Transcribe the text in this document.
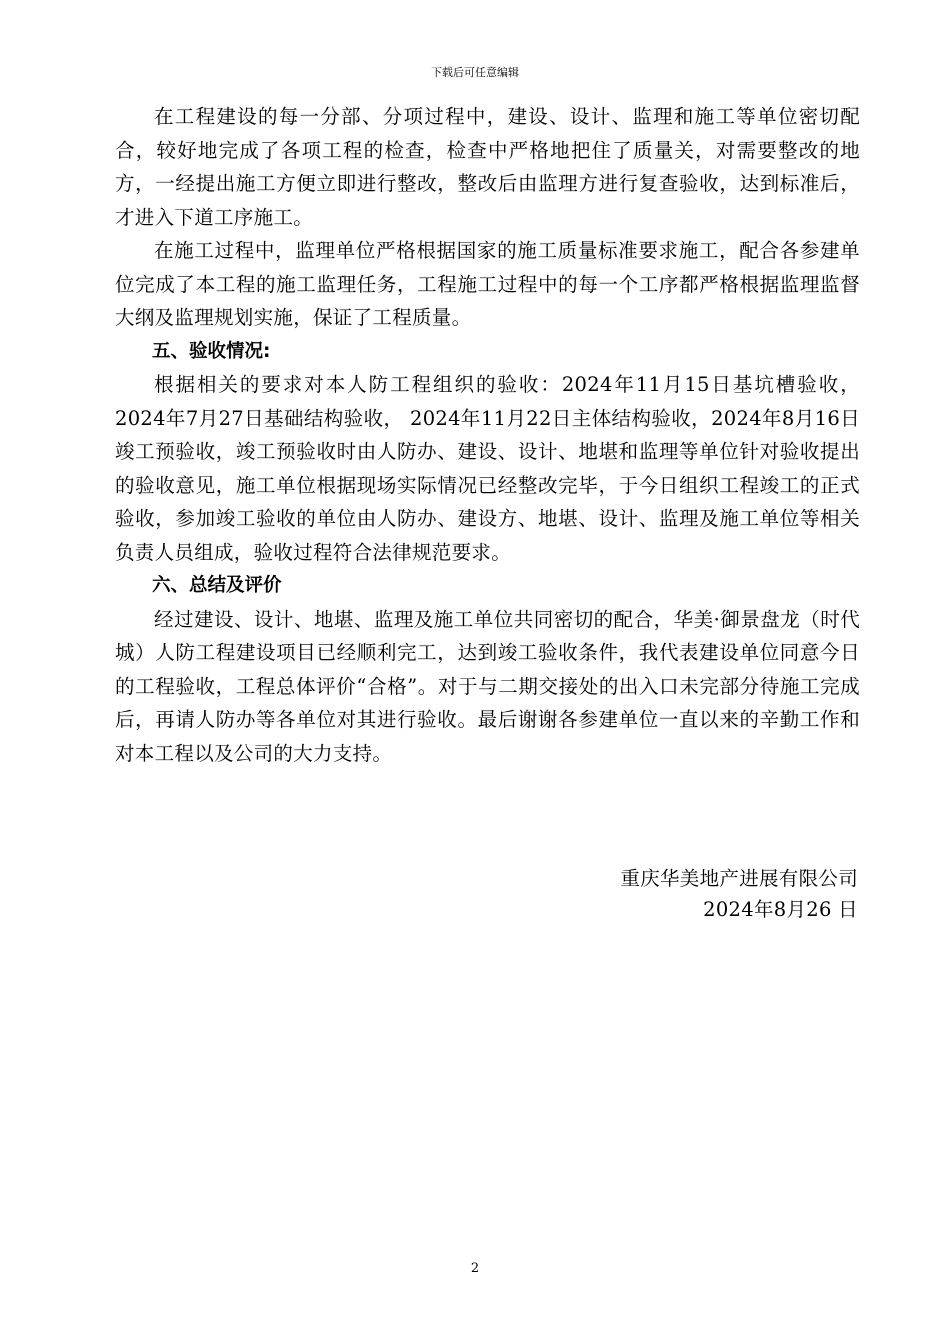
下载后可任意编辑

在工程建设的每一分部、分项过程中，建设、设计、监理和施工等单位密切配合，较好地完成了各项工程的检查，检查中严格地把住了质量关，对需要整改的地方，一经提出施工方便立即进行整改，整改后由监理方进行复查验收，达到标准后，才进入下道工序施工。

在施工过程中，监理单位严格根据国家的施工质量标准要求施工，配合各参建单位完成了本工程的施工监理任务，工程施工过程中的每一个工序都严格根据监理监督大纲及监理规划实施，保证了工程质量。

五、验收情况:

根据相关的要求对本人防工程组织的验收：2024年11月15日基坑槽验收，2024年7月27日基础结构验收， 2024年11月22日主体结构验收，2024年8月16日竣工预验收，竣工预验收时由人防办、建设、设计、地堪和监理等单位针对验收提出的验收意见，施工单位根据现场实际情况已经整改完毕，于今日组织工程竣工的正式验收，参加竣工验收的单位由人防办、建设方、地堪、设计、监理及施工单位等相关负责人员组成，验收过程符合法律规范要求。

六、总结及评价

经过建设、设计、地堪、监理及施工单位共同密切的配合，华美·御景盘龙（时代城）人防工程建设项目已经顺利完工，达到竣工验收条件，我代表建设单位同意今日的工程验收，工程总体评价“合格”。对于与二期交接处的出入口未完部分待施工完成后，再请人防办等各单位对其进行验收。最后谢谢各参建单位一直以来的辛勤工作和对本工程以及公司的大力支持。

重庆华美地产进展有限公司
2024年8月26 日
2
